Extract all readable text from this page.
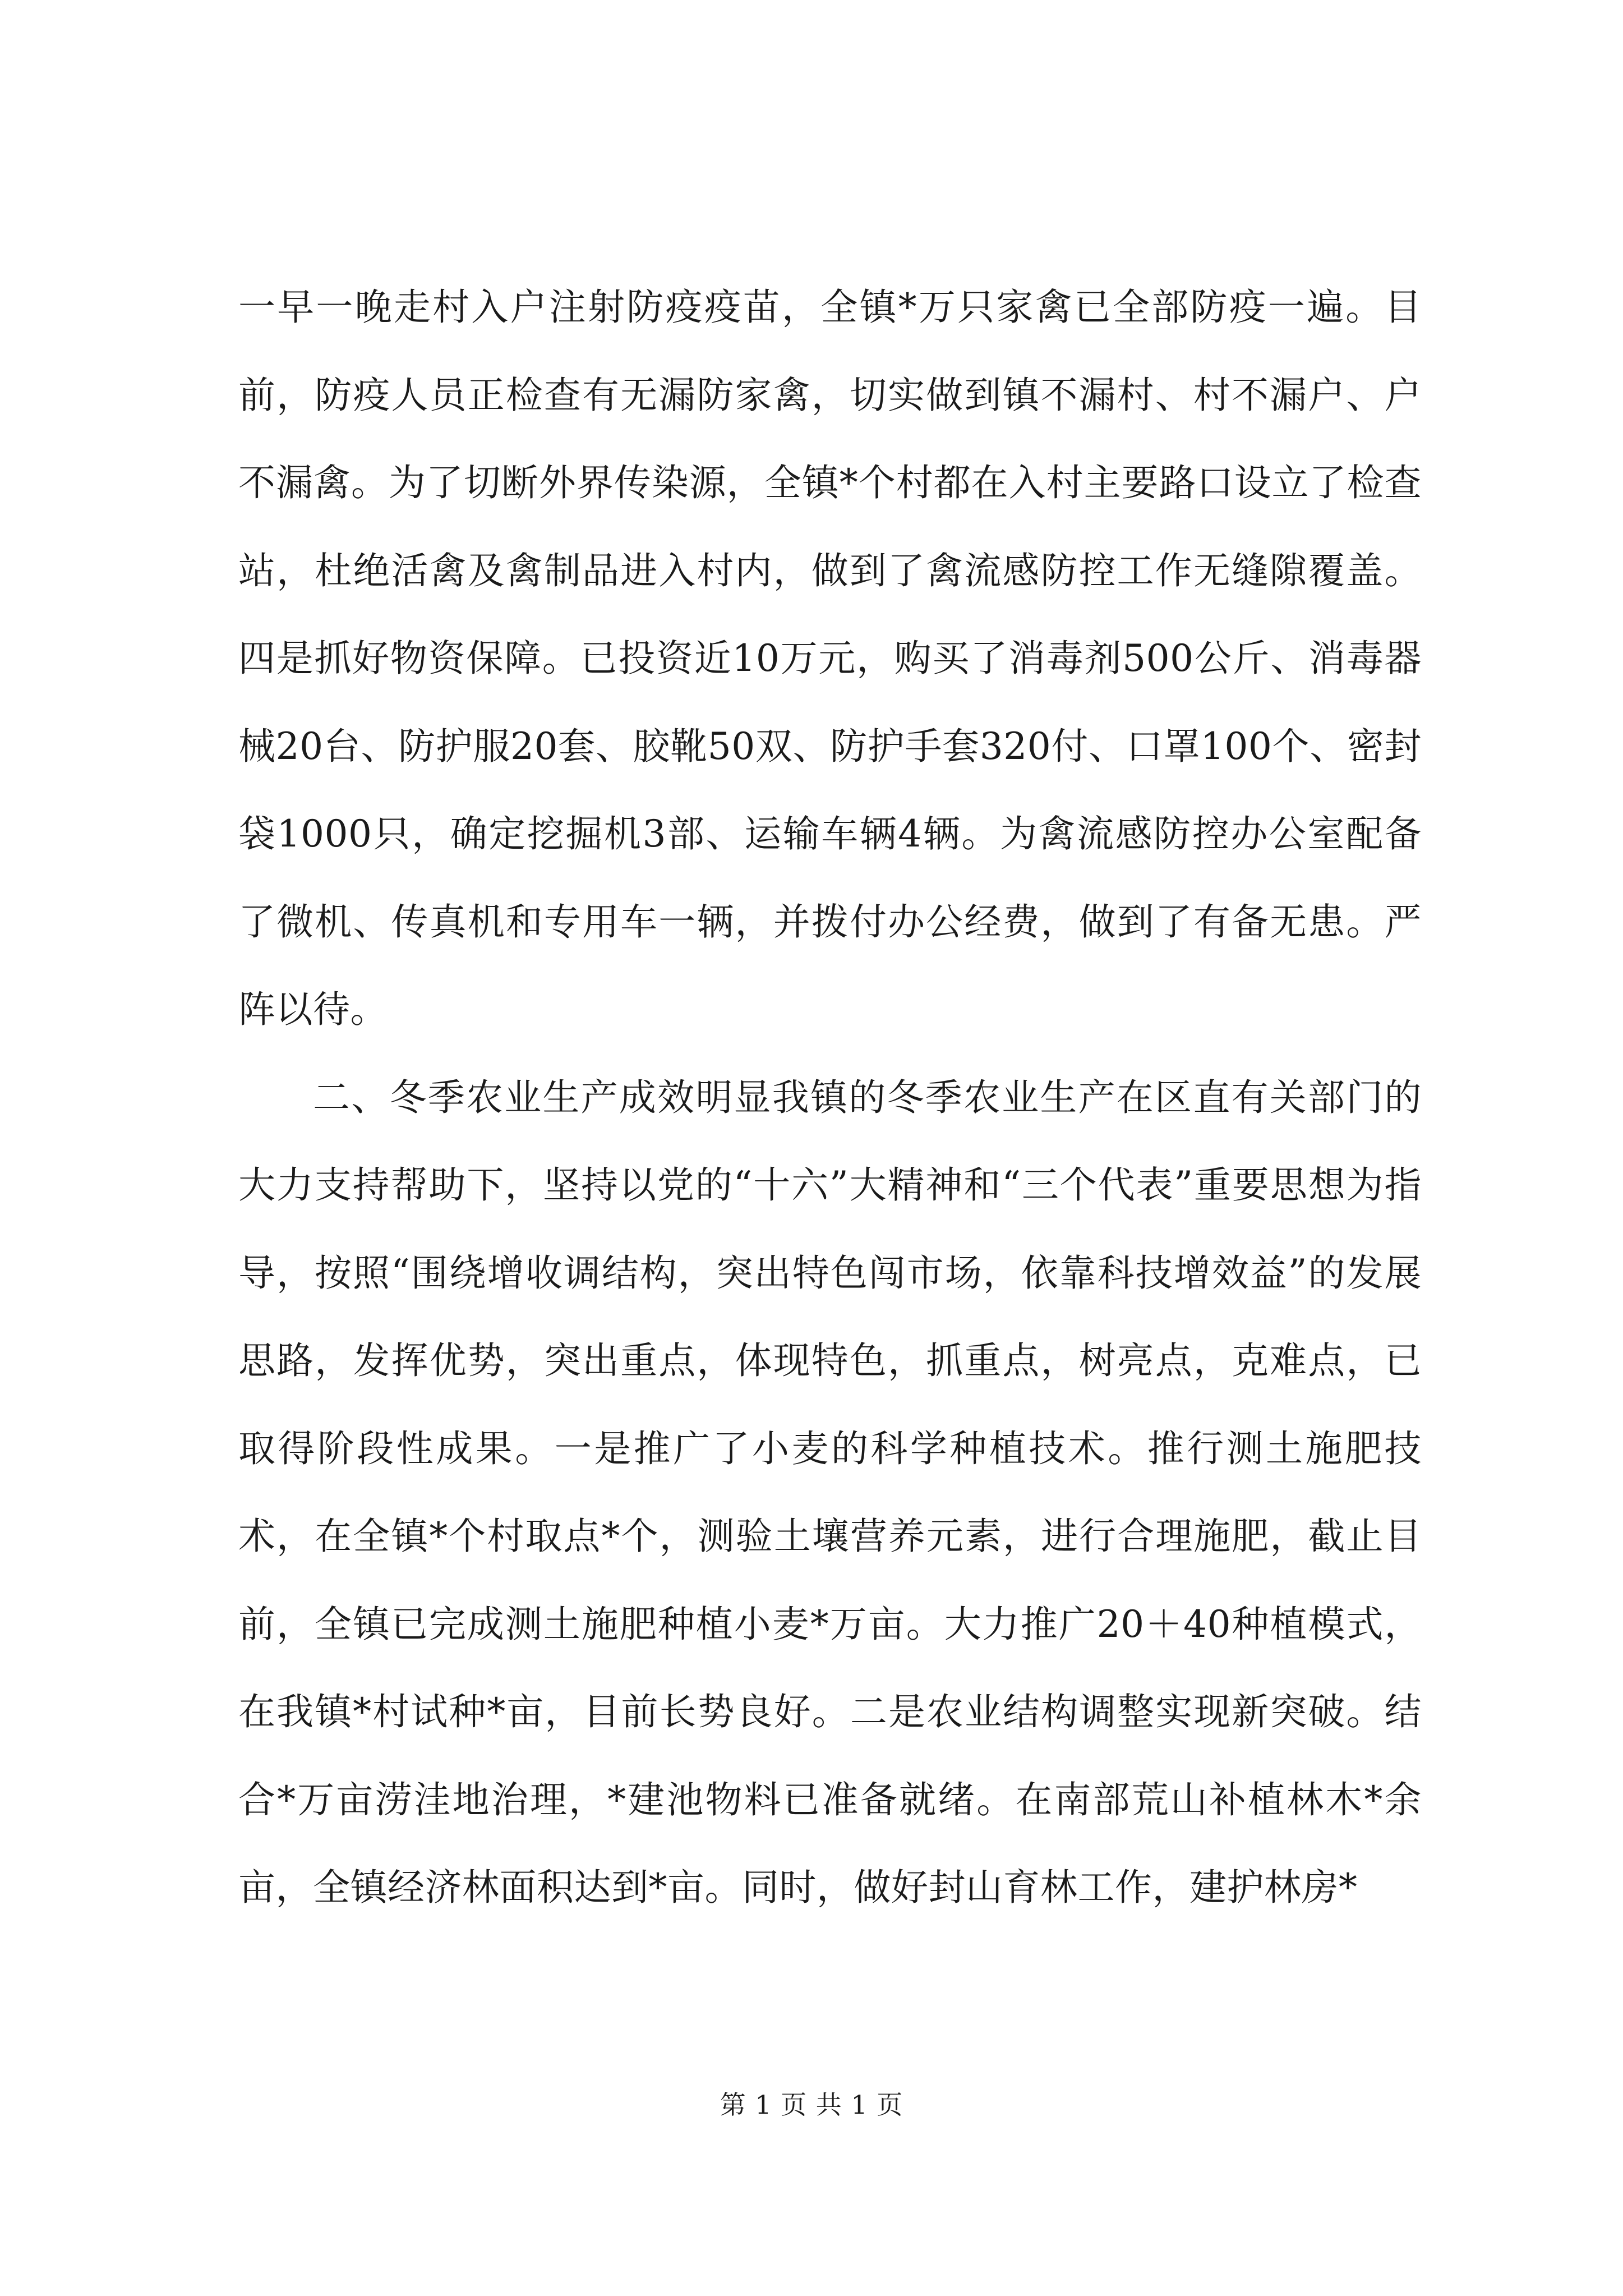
一早一晚走村入户注射防疫疫苗，全镇*万只家禽已全部防疫一遍。目前，防疫人员正检查有无漏防家禽，切实做到镇不漏村、村不漏户、户不漏禽。为了切断外界传染源，全镇*个村都在入村主要路口设立了检查站，杜绝活禽及禽制品进入村内，做到了禽流感防控工作无缝隙覆盖。四是抓好物资保障。已投资近10万元，购买了消毒剂500公斤、消毒器械20台、防护服20套、胶靴50双、防护手套320付、口罩100个、密封袋1000只，确定挖掘机3部、运输车辆4辆。为禽流感防控办公室配备了微机、传真机和专用车一辆，并拨付办公经费，做到了有备无患。严阵以待。

二、冬季农业生产成效明显我镇的冬季农业生产在区直有关部门的大力支持帮助下，坚持以党的“十六”大精神和“三个代表”重要思想为指导，按照“围绕增收调结构，突出特色闯市场，依靠科技增效益”的发展思路，发挥优势，突出重点，体现特色，抓重点，树亮点，克难点，已取得阶段性成果。一是推广了小麦的科学种植技术。推行测土施肥技术，在全镇*个村取点*个，测验土壤营养元素，进行合理施肥，截止目前，全镇已完成测土施肥种植小麦*万亩。大力推广20＋40种植模式，在我镇*村试种*亩，目前长势良好。二是农业结构调整实现新突破。结合*万亩涝洼地治理，*建池物料已准备就绪。在南部荒山补植林木*余亩，全镇经济林面积达到*亩。同时，做好封山育林工作，建护林房*

第 1 页 共 1 页
